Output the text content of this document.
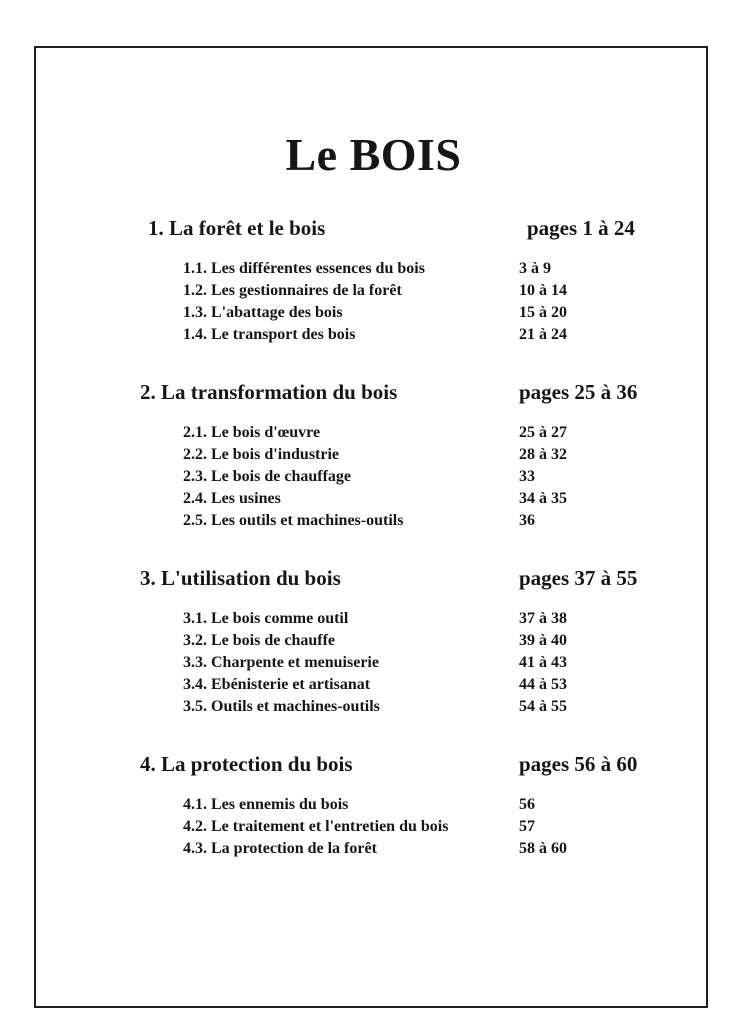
Le BOIS
1. La forêt et le bois	pages 1 à 24
1.1. Les différentes essences du bois	3 à 9
1.2. Les gestionnaires de la forêt	10 à 14
1.3. L'abattage des bois	15 à 20
1.4. Le transport des bois	21 à 24
2. La transformation du bois	pages 25 à 36
2.1. Le bois d'œuvre	25 à 27
2.2. Le bois d'industrie	28 à 32
2.3. Le bois de chauffage	33
2.4. Les usines	34 à 35
2.5. Les outils et machines-outils	36
3. L'utilisation du bois	pages 37 à 55
3.1. Le bois comme outil	37 à 38
3.2. Le bois de chauffe	39 à 40
3.3. Charpente et menuiserie	41 à 43
3.4. Ebénisterie et artisanat	44 à 53
3.5. Outils et machines-outils	54 à 55
4. La protection du bois	pages 56 à 60
4.1. Les ennemis du bois	56
4.2. Le traitement et l'entretien du bois	57
4.3. La protection de la forêt	58 à 60
